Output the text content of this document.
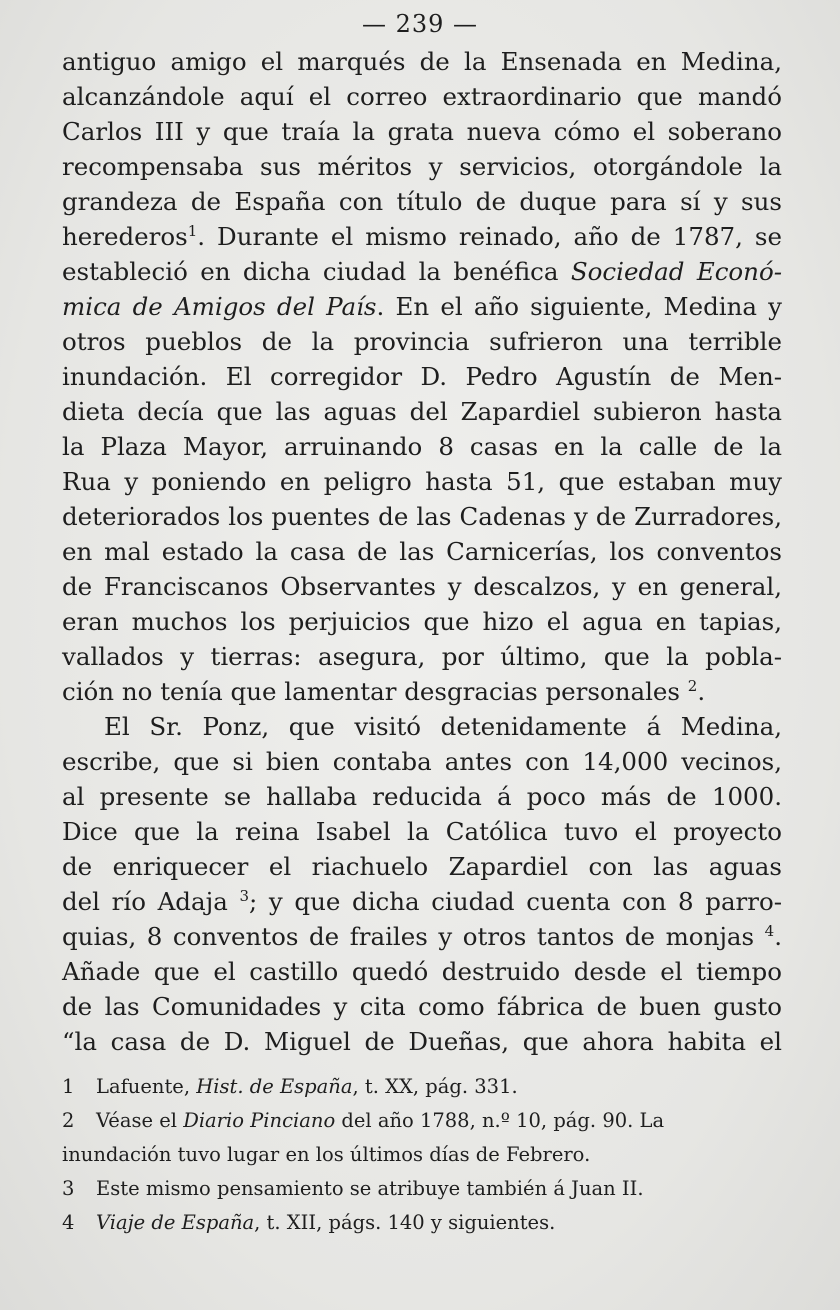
— 239 —
antiguo amigo el marqués de la Ensenada en Medina,
alcanzándole aquí el correo extraordinario que mandó
Carlos III y que traía la grata nueva cómo el soberano
recompensaba sus méritos y servicios, otorgándole la
grandeza de España con título de duque para sí y sus
herederos$^1$. Durante el mismo reinado, año de 1787, se
estableció en dicha ciudad la benéfica Sociedad Econó-
mica de Amigos del País. En el año siguiente, Medina y
otros pueblos de la provincia sufrieron una terrible
inundación. El corregidor D. Pedro Agustín de Men-
dieta decía que las aguas del Zapardiel subieron hasta
la Plaza Mayor, arruinando 8 casas en la calle de la
Rua y poniendo en peligro hasta 51, que estaban muy
deteriorados los puentes de las Cadenas y de Zurradores,
en mal estado la casa de las Carnicerías, los conventos
de Franciscanos Observantes y descalzos, y en general,
eran muchos los perjuicios que hizo el agua en tapias,
vallados y tierras: asegura, por último, que la pobla-
ción no tenía que lamentar desgracias personales $^2$.
El Sr. Ponz, que visitó detenidamente á Medina,
escribe, que si bien contaba antes con 14,000 vecinos,
al presente se hallaba reducida á poco más de 1000.
Dice que la reina Isabel la Católica tuvo el proyecto
de enriquecer el riachuelo Zapardiel con las aguas
del río Adaja $^3$; y que dicha ciudad cuenta con 8 parro-
quias, 8 conventos de frailes y otros tantos de monjas $^4$.
Añade que el castillo quedó destruido desde el tiempo
de las Comunidades y cita como fábrica de buen gusto
“la casa de D. Miguel de Dueñas, que ahora habita el
1 Lafuente, Hist. de España, t. XX, pág. 331.
2 Véase el Diario Pinciano del año 1788, n.º 10, pág. 90. La
inundación tuvo lugar en los últimos días de Febrero.
3 Este mismo pensamiento se atribuye también á Juan II.
4 Viaje de España, t. XII, págs. 140 y siguientes.
